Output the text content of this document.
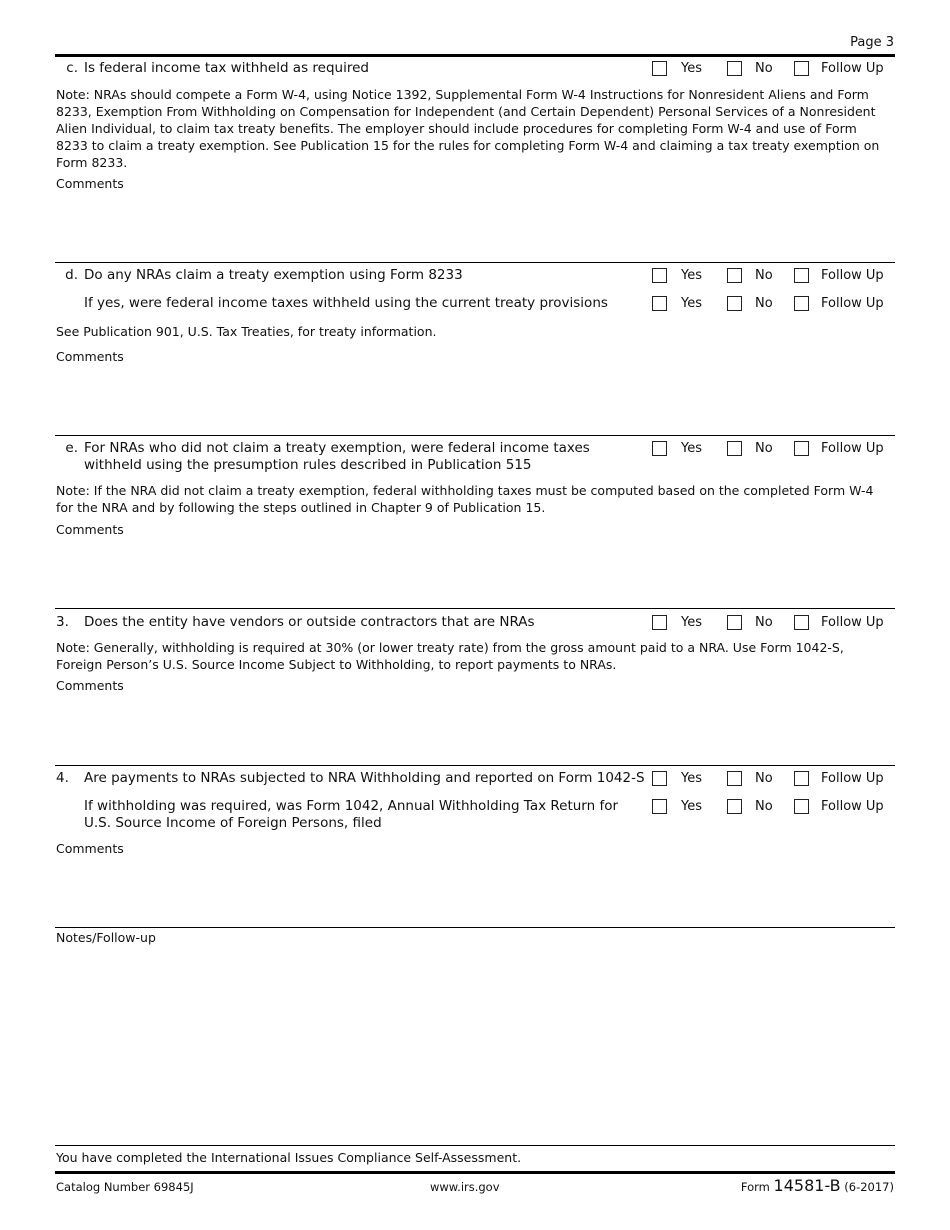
Page 3
c. Is federal income tax withheld as required	Yes	No	Follow Up
Note: NRAs should compete a Form W-4, using Notice 1392, Supplemental Form W-4 Instructions for Nonresident Aliens and Form 8233, Exemption From Withholding on Compensation for Independent (and Certain Dependent) Personal Services of a Nonresident Alien Individual, to claim tax treaty benefits. The employer should include procedures for completing Form W-4 and use of Form 8233 to claim a treaty exemption. See Publication 15 for the rules for completing Form W-4 and claiming a tax treaty exemption on Form 8233.
Comments
d. Do any NRAs claim a treaty exemption using Form 8233	Yes	No	Follow Up
If yes, were federal income taxes withheld using the current treaty provisions	Yes	No	Follow Up
See Publication 901, U.S. Tax Treaties, for treaty information.
Comments
e. For NRAs who did not claim a treaty exemption, were federal income taxes withheld using the presumption rules described in Publication 515
Yes	No	Follow Up
Note: If the NRA did not claim a treaty exemption, federal withholding taxes must be computed based on the completed Form W-4 for the NRA and by following the steps outlined in Chapter 9 of Publication 15.
Comments
3. Does the entity have vendors or outside contractors that are NRAs	Yes	No	Follow Up
Note: Generally, withholding is required at 30% (or lower treaty rate) from the gross amount paid to a NRA. Use Form 1042-S, Foreign Person’s U.S. Source Income Subject to Withholding, to report payments to NRAs.
Comments
4. Are payments to NRAs subjected to NRA Withholding and reported on Form 1042-S	Yes	No	Follow Up
If withholding was required, was Form 1042, Annual Withholding Tax Return for U.S. Source Income of Foreign Persons, filed
Yes	No	Follow Up
Comments
Notes/Follow-up
You have completed the International Issues Compliance Self-Assessment.
Catalog Number 69845J	www.irs.gov	Form 14581-B (6-2017)
